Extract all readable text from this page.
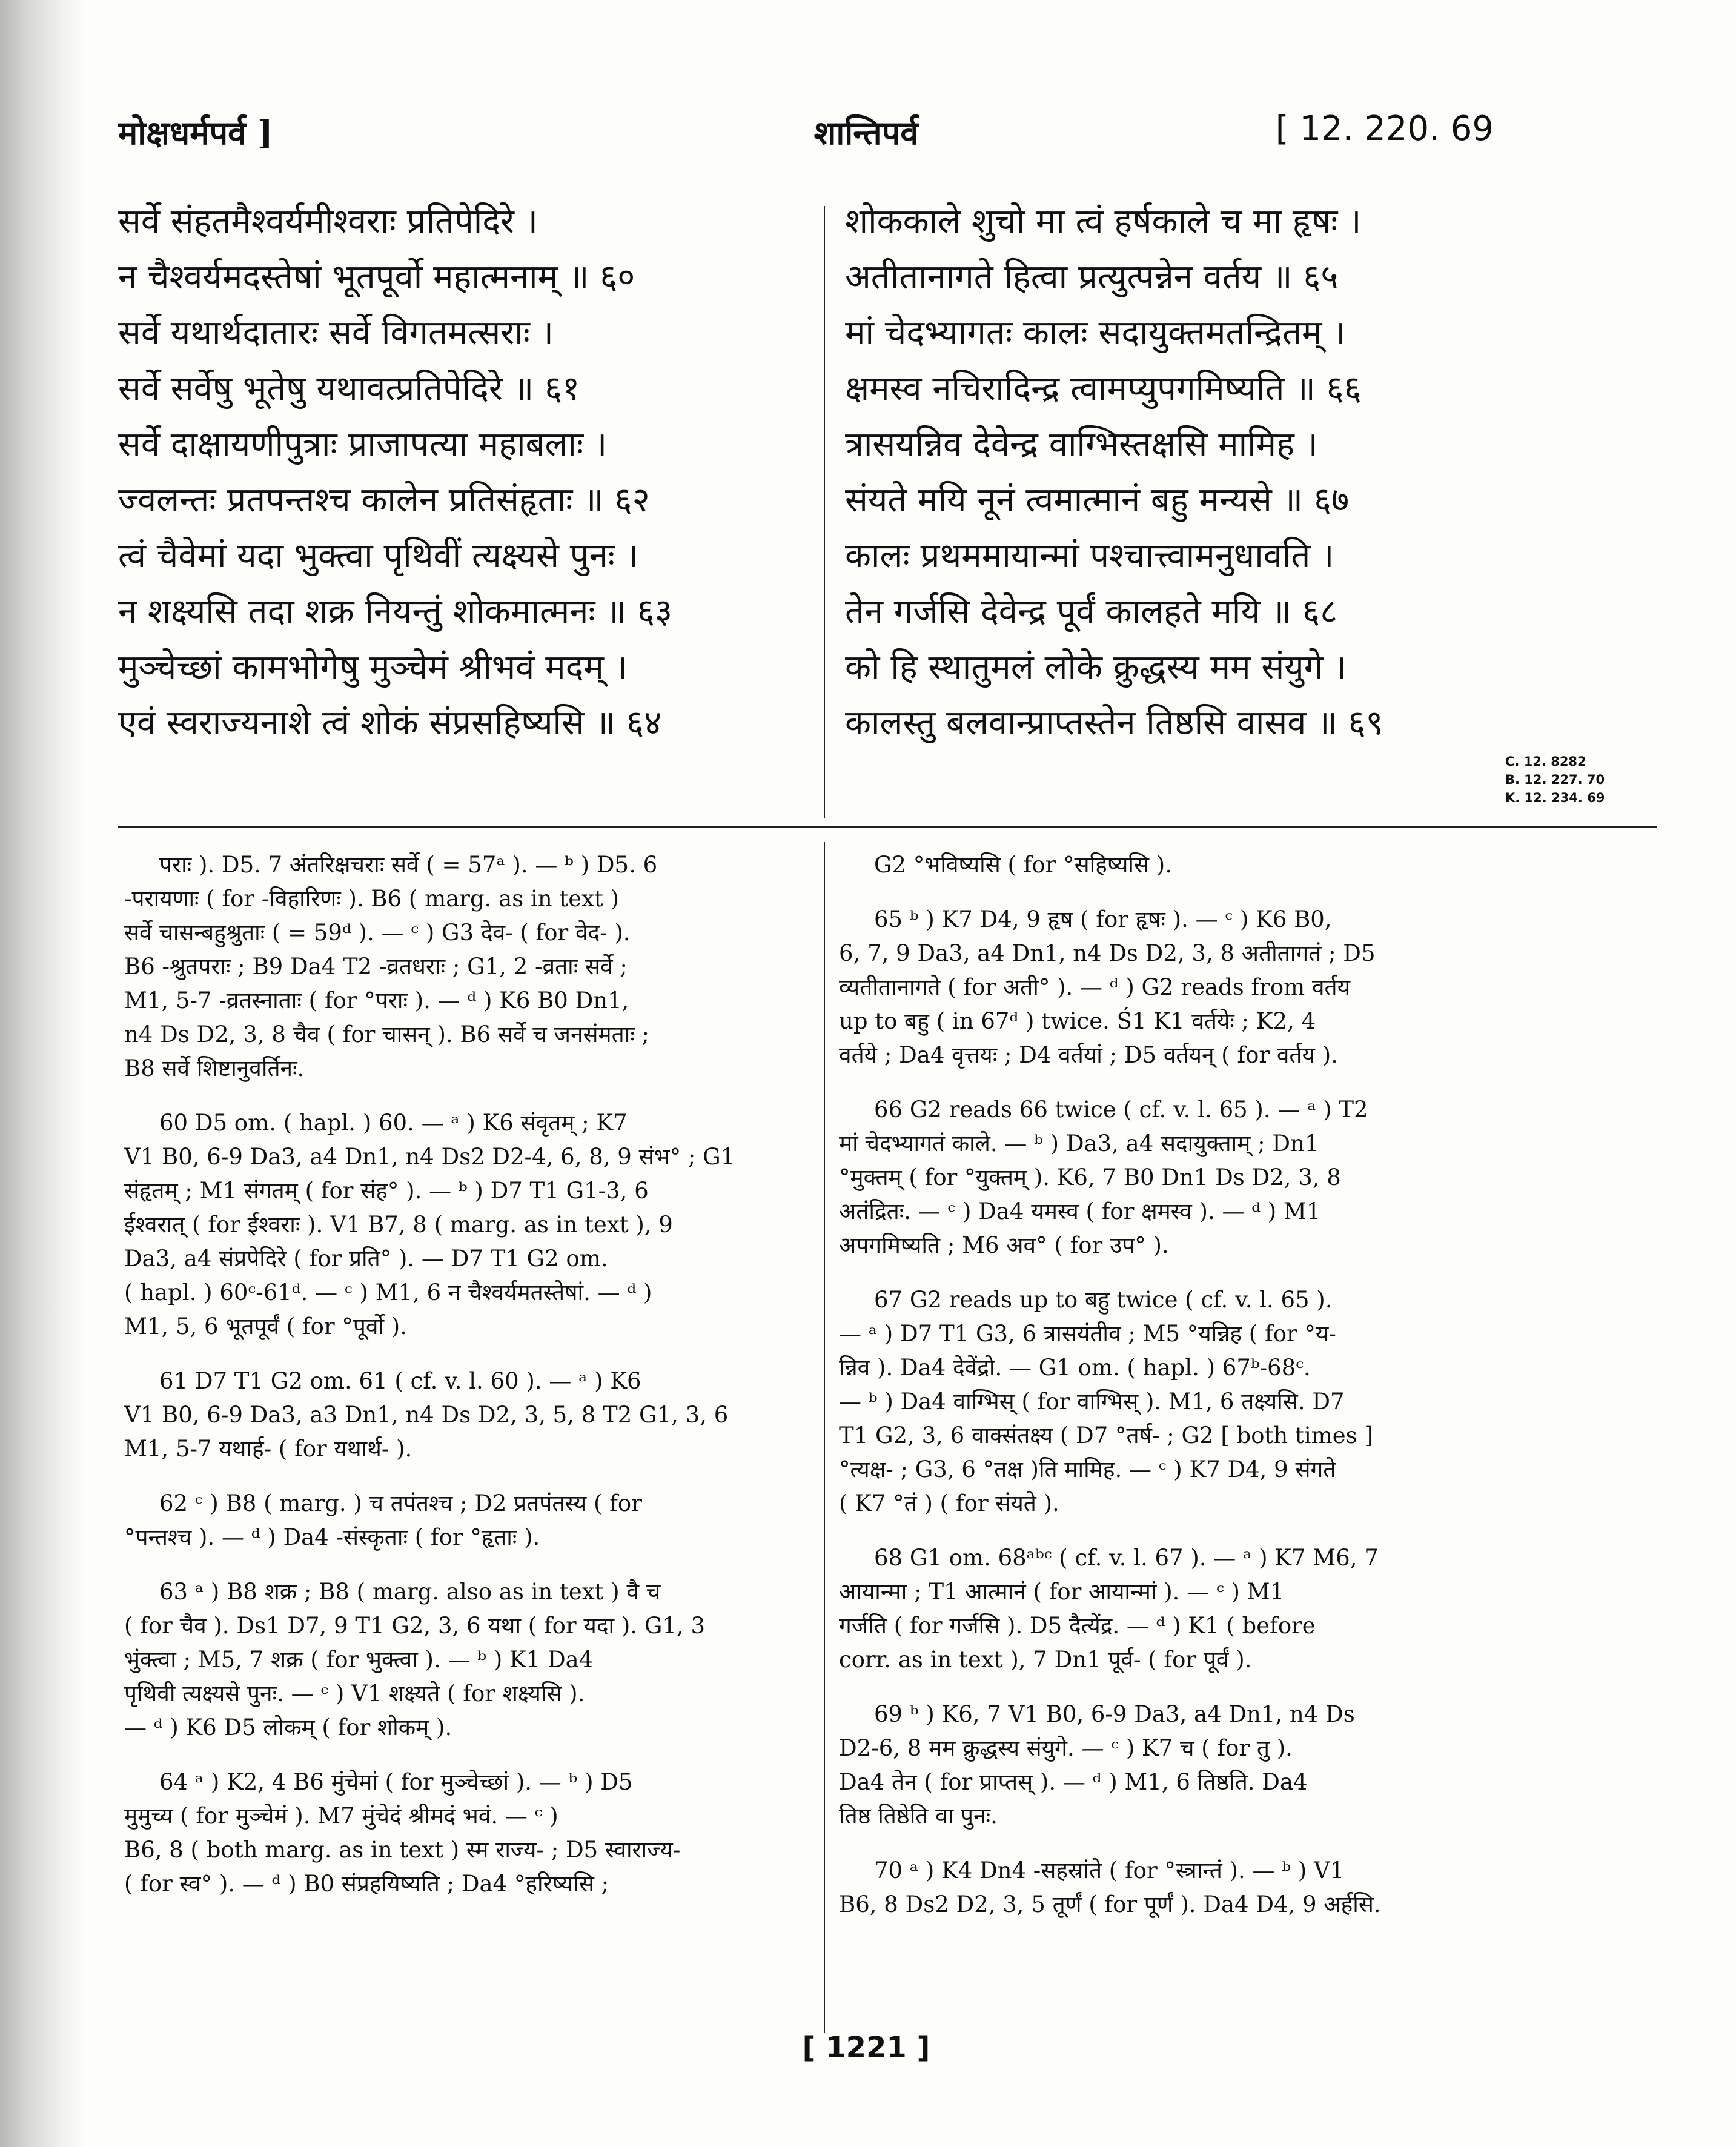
मोक्षधर्मपर्व ]	शान्तिपर्व	[ 12. 220. 69
सर्वे संहतमैश्वर्यमीश्वराः प्रतिपेदिरे ।
न चैश्वर्यमदस्तेषां भूतपूर्वो महात्मनाम् ॥ ६०
सर्वे यथार्थदातारः सर्वे विगतमत्सराः ।
सर्वे सर्वेषु भूतेषु यथावत्प्रतिपेदिरे ॥ ६१
सर्वे दाक्षायणीपुत्राः प्राजापत्या महाबलाः ।
ज्वलन्तः प्रतपन्तश्च कालेन प्रतिसंहृताः ॥ ६२
त्वं चैवेमां यदा भुक्त्वा पृथिवीं त्यक्ष्यसे पुनः ।
न शक्ष्यसि तदा शक्र नियन्तुं शोकमात्मनः ॥ ६३
मुञ्चेच्छां कामभोगेषु मुञ्चेमं श्रीभवं मदम् ।
एवं स्वराज्यनाशे त्वं शोकं संप्रसहिष्यसि ॥ ६४
शोककाले शुचो मा त्वं हर्षकाले च मा हृषः ।
अतीतानागते हित्वा प्रत्युत्पन्नेन वर्तय ॥ ६५
मां चेदभ्यागतः कालः सदायुक्तमतन्द्रितम् ।
क्षमस्व नचिरादिन्द्र त्वामप्युपगमिष्यति ॥ ६६
त्रासयन्निव देवेन्द्र वाग्भिस्तक्षसि मामिह ।
संयते मयि नूनं त्वमात्मानं बहु मन्यसे ॥ ६७
कालः प्रथममायान्मां पश्चात्त्वामनुधावति ।
तेन गर्जसि देवेन्द्र पूर्वं कालहते मयि ॥ ६८
को हि स्थातुमलं लोके क्रुद्धस्य मम संयुगे ।
कालस्तु बलवान्प्राप्तस्तेन तिष्ठसि वासव ॥ ६९
C. 12. 8282
B. 12. 227. 70
K. 12. 234. 69
पराः ). D5. 7 अंतरिक्षचराः सर्वे ( = 57ᵃ ). — ᵇ ) D5. 6
-परायणाः ( for -विहारिणः ). B6 ( marg. as in text )
सर्वे चासन्बहुश्रुताः ( = 59ᵈ ). — ᶜ ) G3 देव- ( for वेद- ).
B6 -श्रुतपराः ; B9 Da4 T2 -व्रतधराः ; G1, 2 -व्रताः सर्वे ;
M1, 5-7 -व्रतस्नाताः ( for °पराः ). — ᵈ ) K6 B0 Dn1,
n4 Ds D2, 3, 8 चैव ( for चासन् ). B6 सर्वे च जनसंमताः ;
B8 सर्वे शिष्टानुवर्तिनः.
60 D5 om. ( hapl. ) 60. — ᵃ ) K6 संवृतम् ; K7
V1 B0, 6-9 Da3, a4 Dn1, n4 Ds2 D2-4, 6, 8, 9 संभ° ; G1
संहृतम् ; M1 संगतम् ( for संह° ). — ᵇ ) D7 T1 G1-3, 6
ईश्वरात् ( for ईश्वराः ). V1 B7, 8 ( marg. as in text ), 9
Da3, a4 संप्रपेदिरे ( for प्रति° ). — D7 T1 G2 om.
( hapl. ) 60ᶜ-61ᵈ. — ᶜ ) M1, 6 न चैश्वर्यमतस्तेषां. — ᵈ )
M1, 5, 6 भूतपूर्वं ( for °पूर्वो ).
61 D7 T1 G2 om. 61 ( cf. v. l. 60 ). — ᵃ ) K6
V1 B0, 6-9 Da3, a3 Dn1, n4 Ds D2, 3, 5, 8 T2 G1, 3, 6
M1, 5-7 यथार्ह- ( for यथार्थ- ).
62 ᶜ ) B8 ( marg. ) च तपंतश्च ; D2 प्रतपंतस्य ( for
°पन्तश्च ). — ᵈ ) Da4 -संस्कृताः ( for °हृताः ).
63 ᵃ ) B8 शक्र ; B8 ( marg. also as in text ) वै च
( for चैव ). Ds1 D7, 9 T1 G2, 3, 6 यथा ( for यदा ). G1, 3
भुंक्त्वा ; M5, 7 शक्र ( for भुक्त्वा ). — ᵇ ) K1 Da4
पृथिवी त्यक्ष्यसे पुनः. — ᶜ ) V1 शक्ष्यते ( for शक्ष्यसि ).
— ᵈ ) K6 D5 लोकम् ( for शोकम् ).
64 ᵃ ) K2, 4 B6 मुंचेमां ( for मुञ्चेच्छां ). — ᵇ ) D5
मुमुच्य ( for मुञ्चेमं ). M7 मुंचेदं श्रीमदं भवं. — ᶜ )
B6, 8 ( both marg. as in text ) स्म राज्य- ; D5 स्वाराज्य-
( for स्व° ). — ᵈ ) B0 संप्रहयिष्यति ; Da4 °हरिष्यसि ;
G2 °भविष्यसि ( for °सहिष्यसि ).
65 ᵇ ) K7 D4, 9 हृष ( for हृषः ). — ᶜ ) K6 B0,
6, 7, 9 Da3, a4 Dn1, n4 Ds D2, 3, 8 अतीतागतं ; D5
व्यतीतानागते ( for अती° ). — ᵈ ) G2 reads from वर्तय
up to बहु ( in 67ᵈ ) twice. Ś1 K1 वर्तयेः ; K2, 4
वर्तये ; Da4 वृत्तयः ; D4 वर्तयां ; D5 वर्तयन् ( for वर्तय ).
66 G2 reads 66 twice ( cf. v. l. 65 ). — ᵃ ) T2
मां चेदभ्यागतं काले. — ᵇ ) Da3, a4 सदायुक्ताम् ; Dn1
°मुक्तम् ( for °युक्तम् ). K6, 7 B0 Dn1 Ds D2, 3, 8
अतंद्रितः. — ᶜ ) Da4 यमस्व ( for क्षमस्व ). — ᵈ ) M1
अपगमिष्यति ; M6 अव° ( for उप° ).
67 G2 reads up to बहु twice ( cf. v. l. 65 ).
— ᵃ ) D7 T1 G3, 6 त्रासयंतीव ; M5 °यन्निह ( for °य-
न्निव ). Da4 देवेंद्रो. — G1 om. ( hapl. ) 67ᵇ-68ᶜ.
— ᵇ ) Da4 वाग्भिस् ( for वाग्भिस् ). M1, 6 तक्ष्यसि. D7
T1 G2, 3, 6 वाक्संतक्ष्य ( D7 °तर्ष- ; G2 [ both times ]
°त्यक्ष- ; G3, 6 °तक्ष )ति मामिह. — ᶜ ) K7 D4, 9 संगते
( K7 °तं ) ( for संयते ).
68 G1 om. 68ᵃᵇᶜ ( cf. v. l. 67 ). — ᵃ ) K7 M6, 7
आयान्मा ; T1 आत्मानं ( for आयान्मां ). — ᶜ ) M1
गर्जति ( for गर्जसि ). D5 दैत्येंद्र. — ᵈ ) K1 ( before
corr. as in text ), 7 Dn1 पूर्व- ( for पूर्वं ).
69 ᵇ ) K6, 7 V1 B0, 6-9 Da3, a4 Dn1, n4 Ds
D2-6, 8 मम क्रुद्धस्य संयुगे. — ᶜ ) K7 च ( for तु ).
Da4 तेन ( for प्राप्तस् ). — ᵈ ) M1, 6 तिष्ठति. Da4
तिष्ठ तिष्ठेति वा पुनः.
70 ᵃ ) K4 Dn4 -सहस्रांते ( for °स्त्रान्तं ). — ᵇ ) V1
B6, 8 Ds2 D2, 3, 5 तूर्णं ( for पूर्णं ). Da4 D4, 9 अर्हसि.
[ 1221 ]
